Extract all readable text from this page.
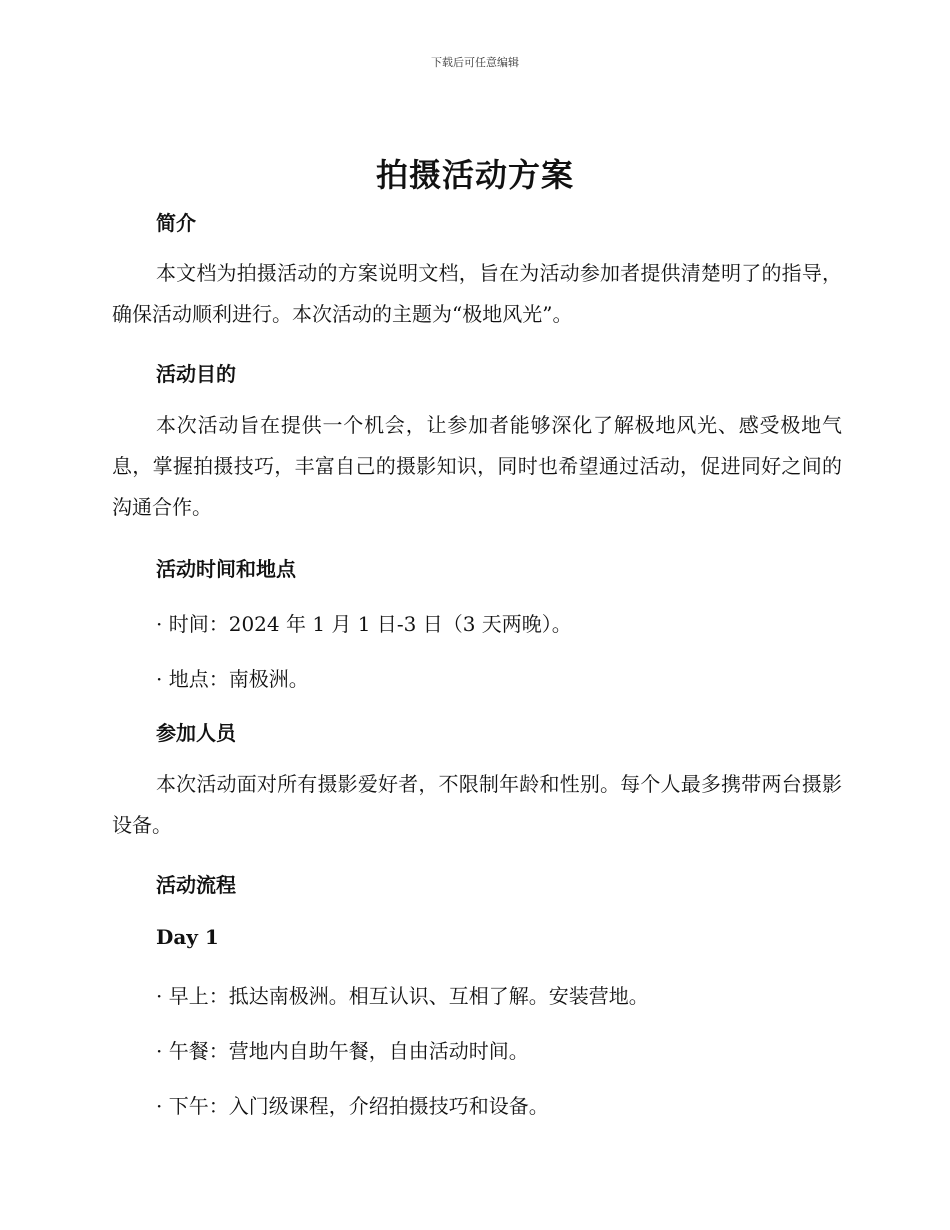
下载后可任意编辑
拍摄活动方案
简介
本文档为拍摄活动的方案说明文档，旨在为活动参加者提供清楚明了的指导，确保活动顺利进行。本次活动的主题为“极地风光”。
活动目的
本次活动旨在提供一个机会，让参加者能够深化了解极地风光、感受极地气息，掌握拍摄技巧，丰富自己的摄影知识，同时也希望通过活动，促进同好之间的沟通合作。
活动时间和地点
· 时间：2024 年 1 月 1 日-3 日（3 天两晚）。
· 地点：南极洲。
参加人员
本次活动面对所有摄影爱好者，不限制年龄和性别。每个人最多携带两台摄影设备。
活动流程
Day 1
· 早上：抵达南极洲。相互认识、互相了解。安装营地。
· 午餐：营地内自助午餐，自由活动时间。
· 下午：入门级课程，介绍拍摄技巧和设备。
